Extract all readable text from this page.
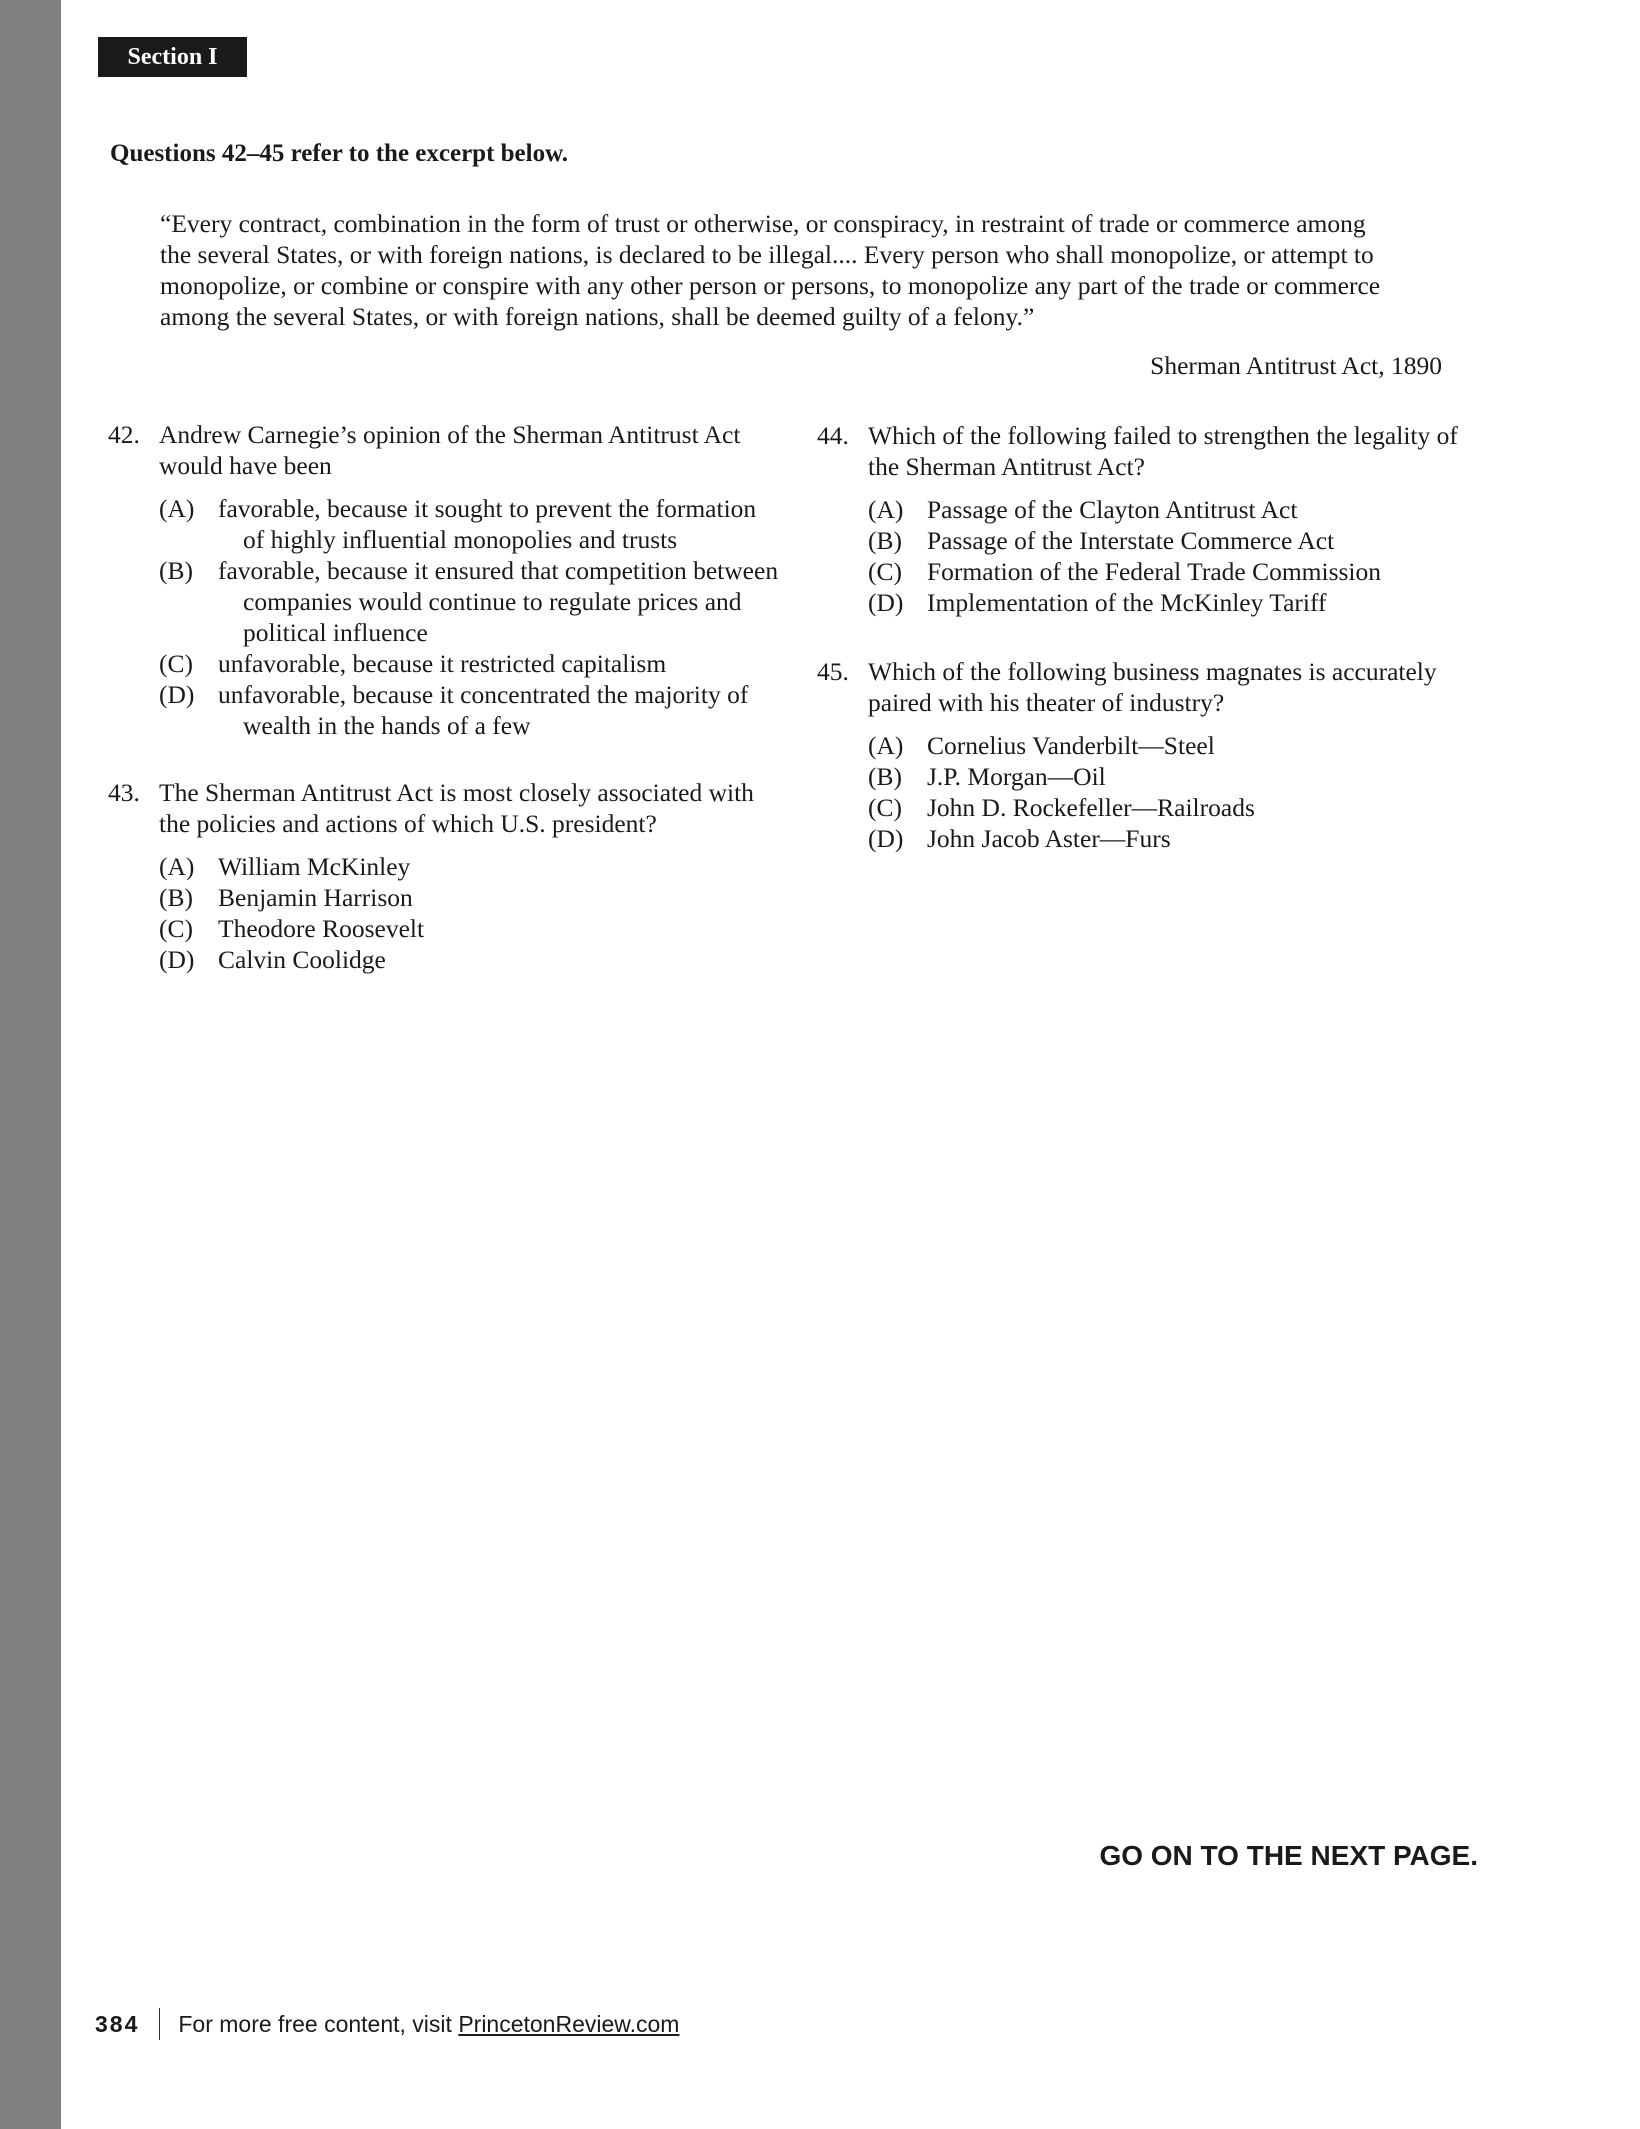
Section I
Questions 42–45 refer to the excerpt below.
“Every contract, combination in the form of trust or otherwise, or conspiracy, in restraint of trade or commerce among
the several States, or with foreign nations, is declared to be illegal.... Every person who shall monopolize, or attempt to
monopolize, or combine or conspire with any other person or persons, to monopolize any part of the trade or commerce
among the several States, or with foreign nations, shall be deemed guilty of a felony.”
Sherman Antitrust Act, 1890
42. Andrew Carnegie’s opinion of the Sherman Antitrust Act
would have been
(A) favorable, because it sought to prevent the formation
of highly influential monopolies and trusts
(B) favorable, because it ensured that competition between
companies would continue to regulate prices and
political influence
(C) unfavorable, because it restricted capitalism
(D) unfavorable, because it concentrated the majority of
wealth in the hands of a few
43. The Sherman Antitrust Act is most closely associated with
the policies and actions of which U.S. president?
(A) William McKinley
(B) Benjamin Harrison
(C) Theodore Roosevelt
(D) Calvin Coolidge
44. Which of the following failed to strengthen the legality of
the Sherman Antitrust Act?
(A) Passage of the Clayton Antitrust Act
(B) Passage of the Interstate Commerce Act
(C) Formation of the Federal Trade Commission
(D) Implementation of the McKinley Tariff
45. Which of the following business magnates is accurately
paired with his theater of industry?
(A) Cornelius Vanderbilt—Steel
(B) J.P. Morgan—Oil
(C) John D. Rockefeller—Railroads
(D) John Jacob Aster—Furs
GO ON TO THE NEXT PAGE.
384 For more free content, visit PrincetonReview.com
